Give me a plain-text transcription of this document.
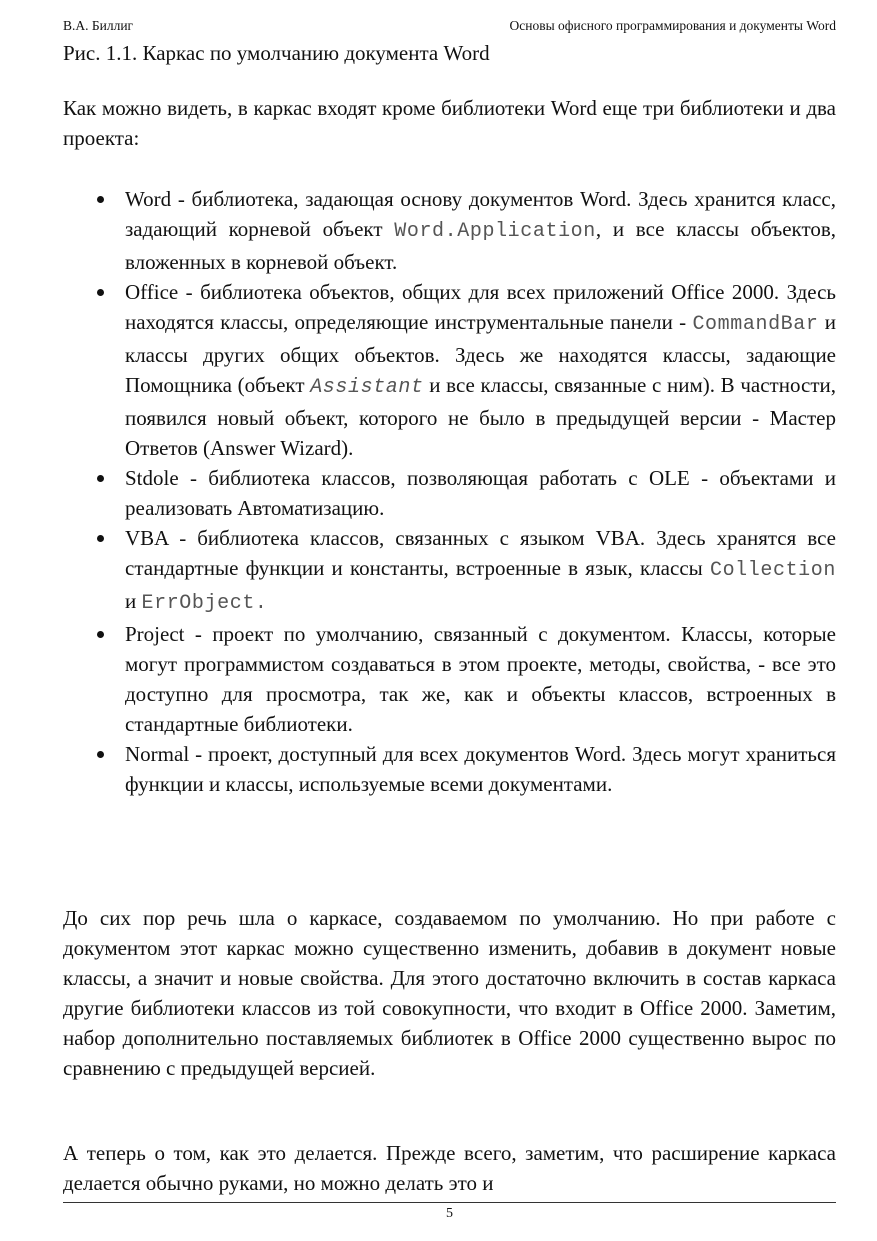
В.А. Биллиг	Основы офисного программирования и документы Word
Рис. 1.1. Каркас по умолчанию документа Word

Как можно видеть, в каркас входят кроме библиотеки Word еще три библиотеки и два проекта:

Word - библиотека, задающая основу документов Word. Здесь хранится класс, задающий корневой объект Word.Application, и все классы объектов, вложенных в корневой объект.
Office - библиотека объектов, общих для всех приложений Office 2000. Здесь находятся классы, определяющие инструментальные панели - CommandBar и классы других общих объектов. Здесь же находятся классы, задающие Помощника (объект Assistant и все классы, связанные с ним). В частности, появился новый объект, которого не было в предыдущей версии - Мастер Ответов (Answer Wizard).
Stdole - библиотека классов, позволяющая работать с OLE - объектами и реализовать Автоматизацию.
VBA - библиотека классов, связанных с языком VBA. Здесь хранятся все стандартные функции и константы, встроенные в язык, классы Collection и ErrObject.
Project - проект по умолчанию, связанный с документом. Классы, которые могут программистом создаваться в этом проекте, методы, свойства, - все это доступно для просмотра, так же, как и объекты классов, встроенных в стандартные библиотеки.
Normal - проект, доступный для всех документов Word. Здесь могут храниться функции и классы, используемые всеми документами.

До сих пор речь шла о каркасе, создаваемом по умолчанию. Но при работе с документом этот каркас можно существенно изменить, добавив в документ новые классы, а значит и новые свойства. Для этого достаточно включить в состав каркаса другие библиотеки классов из той совокупности, что входит в Office 2000. Заметим, набор дополнительно поставляемых библиотек в Office 2000 существенно вырос по сравнению с предыдущей версией.

А теперь о том, как это делается. Прежде всего, заметим, что расширение каркаса делается обычно руками, но можно делать это и

5
